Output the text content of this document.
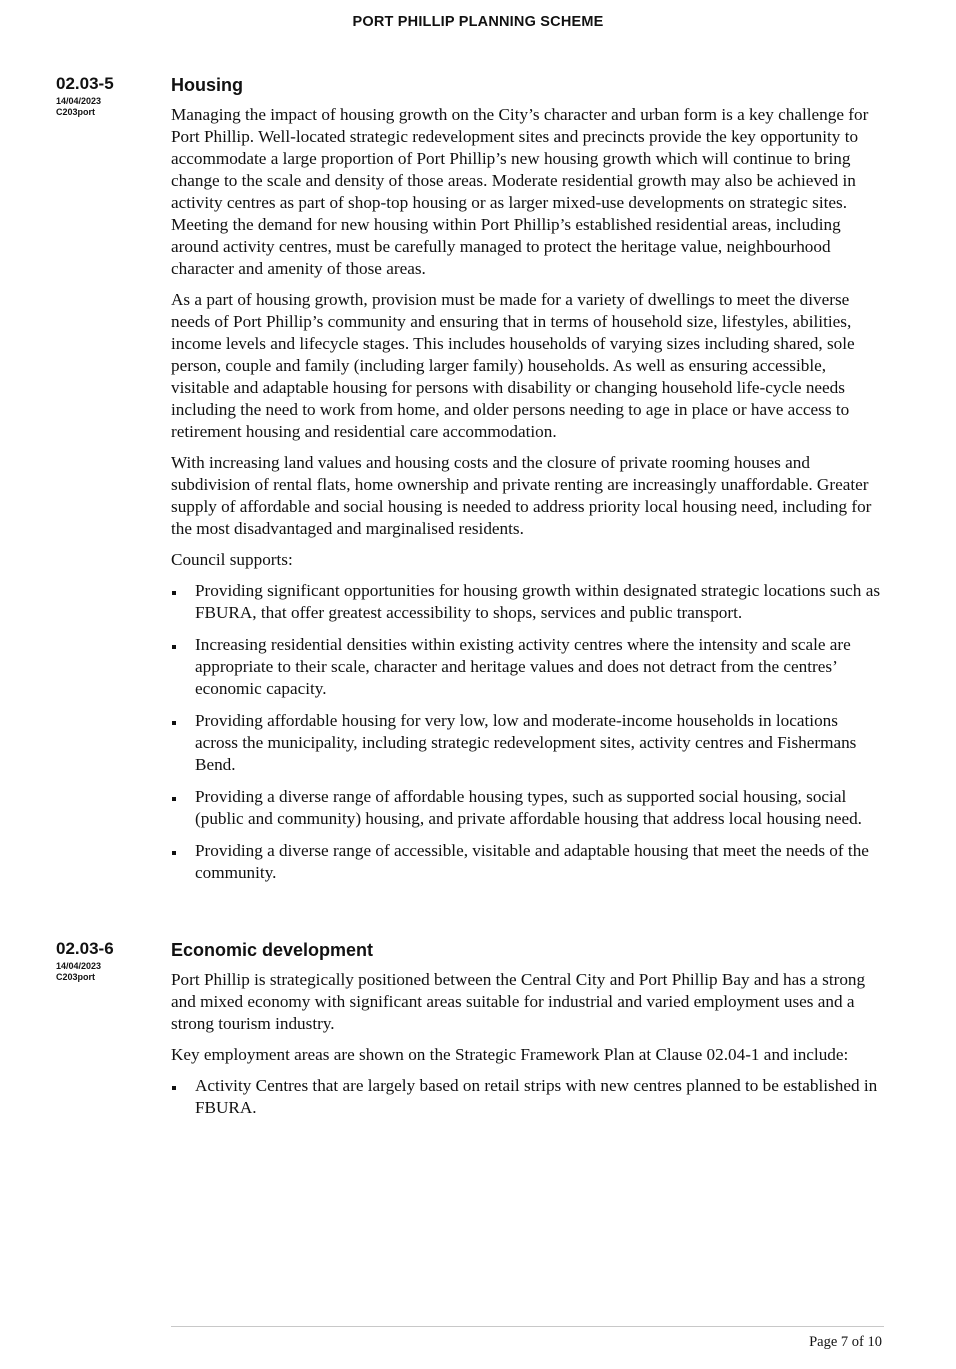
PORT PHILLIP PLANNING SCHEME
02.03-5
14/04/2023
C203port
Housing

Managing the impact of housing growth on the City’s character and urban form is a key challenge for Port Phillip. Well-located strategic redevelopment sites and precincts provide the key opportunity to accommodate a large proportion of Port Phillip’s new housing growth which will continue to bring change to the scale and density of those areas. Moderate residential growth may also be achieved in activity centres as part of shop-top housing or as larger mixed-use developments on strategic sites. Meeting the demand for new housing within Port Phillip’s established residential areas, including around activity centres, must be carefully managed to protect the heritage value, neighbourhood character and amenity of those areas.

As a part of housing growth, provision must be made for a variety of dwellings to meet the diverse needs of Port Phillip’s community and ensuring that in terms of household size, lifestyles, abilities, income levels and lifecycle stages. This includes households of varying sizes including shared, sole person, couple and family (including larger family) households. As well as ensuring accessible, visitable and adaptable housing for persons with disability or changing household life-cycle needs including the need to work from home, and older persons needing to age in place or have access to retirement housing and residential care accommodation.

With increasing land values and housing costs and the closure of private rooming houses and subdivision of rental flats, home ownership and private renting are increasingly unaffordable. Greater supply of affordable and social housing is needed to address priority local housing need, including for the most disadvantaged and marginalised residents.

Council supports:

Providing significant opportunities for housing growth within designated strategic locations such as FBURA, that offer greatest accessibility to shops, services and public transport.
Increasing residential densities within existing activity centres where the intensity and scale are appropriate to their scale, character and heritage values and does not detract from the centres’ economic capacity.
Providing affordable housing for very low, low and moderate-income households in locations across the municipality, including strategic redevelopment sites, activity centres and Fishermans Bend.
Providing a diverse range of affordable housing types, such as supported social housing, social (public and community) housing, and private affordable housing that address local housing need.
Providing a diverse range of accessible, visitable and adaptable housing that meet the needs of the community.
02.03-6
14/04/2023
C203port
Economic development

Port Phillip is strategically positioned between the Central City and Port Phillip Bay and has a strong and mixed economy with significant areas suitable for industrial and varied employment uses and a strong tourism industry.

Key employment areas are shown on the Strategic Framework Plan at Clause 02.04-1 and include:

Activity Centres that are largely based on retail strips with new centres planned to be established in FBURA.
Page 7 of 10
